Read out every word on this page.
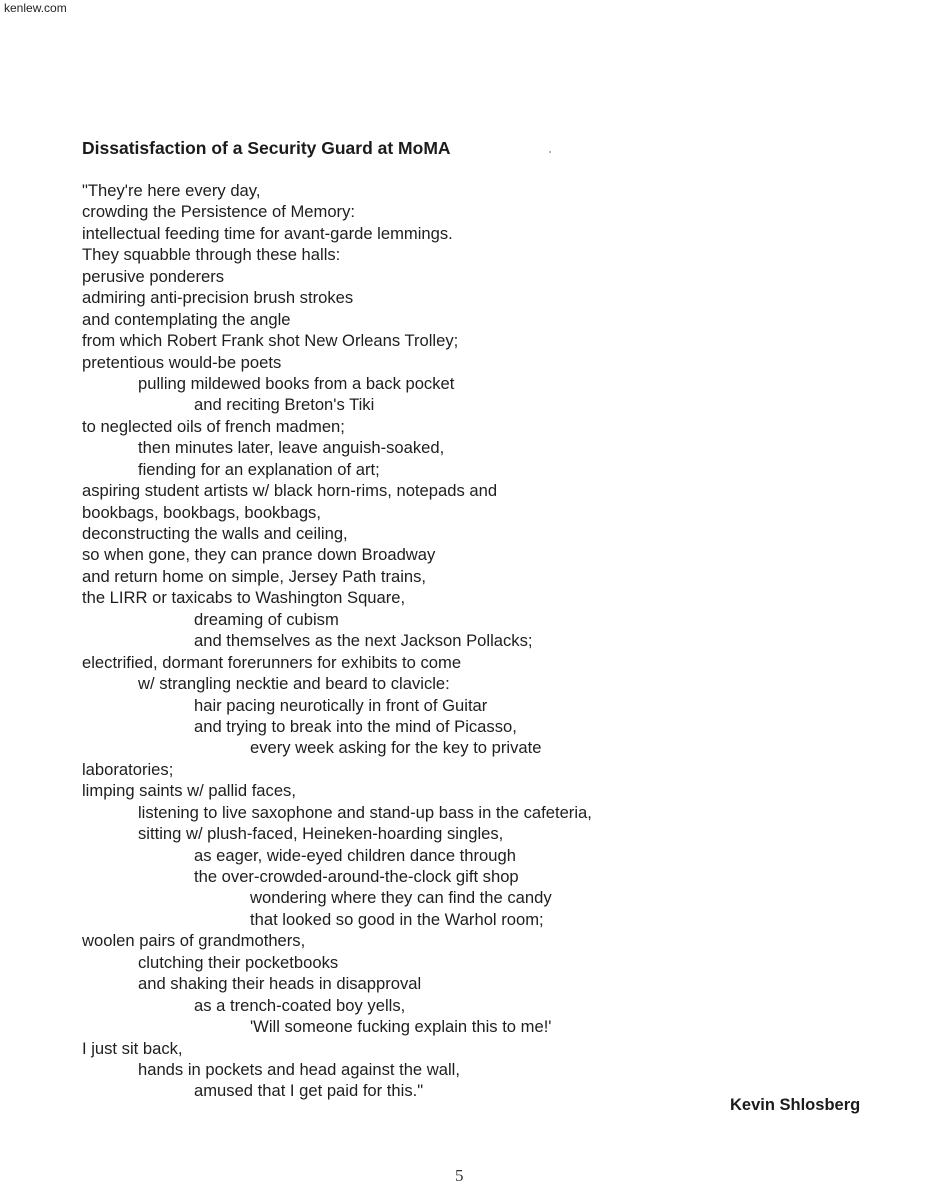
kenlew.com
Dissatisfaction of a Security Guard at MoMA
"They're here every day,
crowding the Persistence of Memory:
intellectual feeding time for avant-garde lemmings.
They squabble through these halls:
perusive ponderers
admiring anti-precision brush strokes
and contemplating the angle
from which Robert Frank shot New Orleans Trolley;
pretentious would-be poets
pulling mildewed books from a back pocket
and reciting Breton's Tiki
to neglected oils of french madmen;
then minutes later, leave anguish-soaked,
fiending for an explanation of art;
aspiring student artists w/ black horn-rims, notepads and
bookbags, bookbags, bookbags,
deconstructing the walls and ceiling,
so when gone, they can prance down Broadway
and return home on simple, Jersey Path trains,
the LIRR or taxicabs to Washington Square,
dreaming of cubism
and themselves as the next Jackson Pollacks;
electrified, dormant forerunners for exhibits to come
w/ strangling necktie and beard to clavicle:
hair pacing neurotically in front of Guitar
and trying to break into the mind of Picasso,
every week asking for the key to private
laboratories;
limping saints w/ pallid faces,
listening to live saxophone and stand-up bass in the cafeteria,
sitting w/ plush-faced, Heineken-hoarding singles,
as eager, wide-eyed children dance through
the over-crowded-around-the-clock gift shop
wondering where they can find the candy
that looked so good in the Warhol room;
woolen pairs of grandmothers,
clutching their pocketbooks
and shaking their heads in disapproval
as a trench-coated boy yells,
'Will someone fucking explain this to me!'
I just sit back,
hands in pockets and head against the wall,
amused that I get paid for this."
Kevin Shlosberg
5
